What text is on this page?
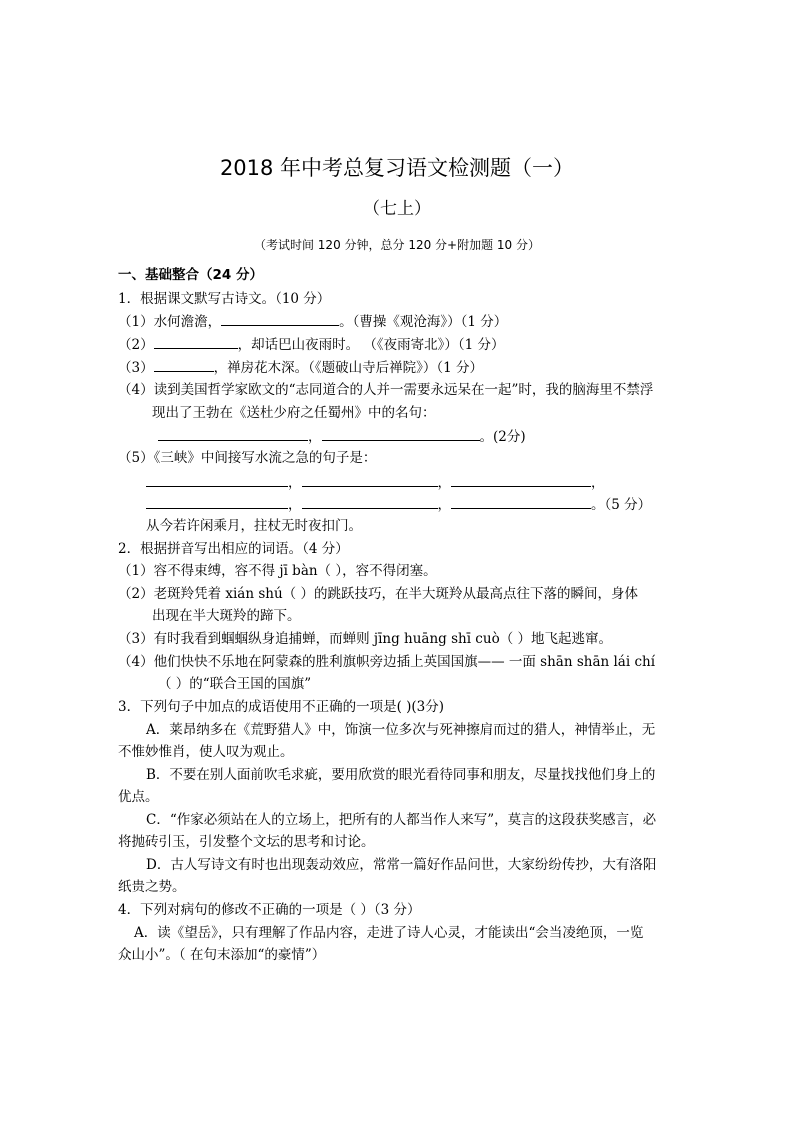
2018 年中考总复习语文检测题（一）
（七上）
（考试时间 120 分钟，总分 120 分+附加题 10 分）
一、基础整合（24 分）
1．根据课文默写古诗文。（10 分）
（1）水何澹澹，	。（曹操《观沧海》）（1 分）
（2）	，却话巴山夜雨时。 （《夜雨寄北》）（1 分）
（3）	，禅房花木深。（《题破山寺后禅院》）（1 分）
（4）读到美国哲学家欧文的“志同道合的人并一需要永远呆在一起”时，我的脑海里不禁浮
现出了王勃在《送杜少府之任蜀州》中的名句：
，	。(2分)
（5）《三峡》中间接写水流之急的句子是：
，	，	，
，	，	。（5 分）
从今若许闲乘月，拄杖无时夜扣门。
2．根据拼音写出相应的词语。（4 分）
（1）容不得束缚，容不得 jī bàn（ ），容不得闭塞。
（2）老斑羚凭着 xián shú（ ）的跳跃技巧，在半大斑羚从最高点往下落的瞬间，身体
出现在半大斑羚的蹄下。
（3）有时我看到蝈蝈纵身追捕蝉，而蝉则 jīng huāng shī cuò（ ）地飞起逃窜。
（4）他们快快不乐地在阿蒙森的胜利旗帜旁边插上英国国旗—— 一面 shān shān lái chí
（ ）的“联合王国的国旗”
3．下列句子中加点的成语使用不正确的一项是( )(3分)
A．莱昂纳多在《荒野猎人》中，饰演一位多次与死神擦肩而过的猎人，神情举止，无
不惟妙惟肖，使人叹为观止。
B．不要在别人面前吹毛求疵，要用欣赏的眼光看待同事和朋友，尽量找找他们身上的
优点。
C．“作家必须站在人的立场上，把所有的人都当作人来写”，莫言的这段获奖感言，必
将抛砖引玉，引发整个文坛的思考和讨论。
D．古人写诗文有时也出现轰动效应，常常一篇好作品问世，大家纷纷传抄，大有洛阳
纸贵之势。
4．下列对病句的修改不正确的一项是（ ）（3 分）
A．读《望岳》，只有理解了作品内容，走进了诗人心灵，才能读出“会当凌绝顶，一览
众山小”。（ 在句末添加“的豪情”）
